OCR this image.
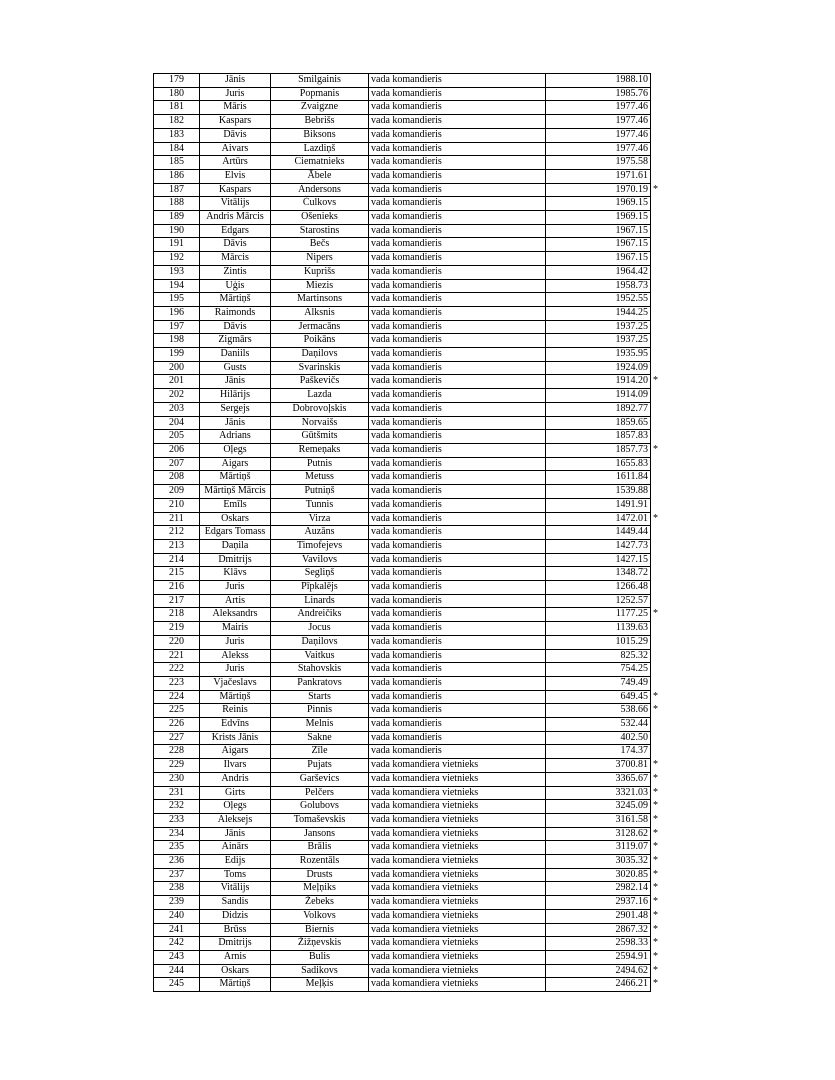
179	Jānis	Smilgainis	vada komandieris	1988.10

180	Juris	Popmanis	vada komandieris	1985.76

181	Māris	Zvaigzne	vada komandieris	1977.46

182	Kaspars	Bebrišs	vada komandieris	1977.46

183	Dāvis	Biksons	vada komandieris	1977.46

184	Aivars	Lazdiņš	vada komandieris	1977.46

185	Artūrs	Ciematnieks	vada komandieris	1975.58

186	Elvis	Ābele	vada komandieris	1971.61

187	Kaspars	Andersons	vada komandieris	1970.19 *

188	Vitālijs	Čulkovs	vada komandieris	1969.15

189	Andris Mārcis	Ošenieks	vada komandieris	1969.15

190	Edgars	Starostins	vada komandieris	1967.15

191	Dāvis	Bečs	vada komandieris	1967.15

192	Mārcis	Nipers	vada komandieris	1967.15

193	Zintis	Kuprišs	vada komandieris	1964.42

194	Uģis	Miezis	vada komandieris	1958.73

195	Mārtiņš	Martinsons	vada komandieris	1952.55

196	Raimonds	Alksnis	vada komandieris	1944.25

197	Dāvis	Jermacāns	vada komandieris	1937.25

198	Zigmārs	Poikāns	vada komandieris	1937.25

199	Daniils	Daņilovs	vada komandieris	1935.95

200	Gusts	Svarinskis	vada komandieris	1924.09

201	Jānis	Paškevičs	vada komandieris	1914.20 *

202	Hilārijs	Lazda	vada komandieris	1914.09

203	Sergejs	Dobrovoļskis	vada komandieris	1892.77

204	Jānis	Norvaišs	vada komandieris	1859.65

205	Adrians	Gūtšmits	vada komandieris	1857.83

206	Oļegs	Remeņaks	vada komandieris	1857.73 *

207	Aigars	Putnis	vada komandieris	1655.83

208	Mārtiņš	Metuss	vada komandieris	1611.84

209	Mārtiņš Mārcis	Putniņš	vada komandieris	1539.88

210	Emīls	Tunnis	vada komandieris	1491.91

211	Oskars	Virza	vada komandieris	1472.01 *

212	Edgars Tomass	Auzāns	vada komandieris	1449.44

213	Daņila	Timofejevs	vada komandieris	1427.73

214	Dmitrijs	Vavilovs	vada komandieris	1427.15

215	Klāvs	Segliņš	vada komandieris	1348.72

216	Juris	Pīpkalējs	vada komandieris	1266.48

217	Artis	Linards	vada komandieris	1252.57

218	Aleksandrs	Andreičiks	vada komandieris	1177.25 *

219	Mairis	Jocus	vada komandieris	1139.63

220	Juris	Daņilovs	vada komandieris	1015.29

221	Alekss	Vaitkus	vada komandieris	825.32

222	Juris	Stahovskis	vada komandieris	754.25

223	Vjačeslavs	Pankratovs	vada komandieris	749.49

224	Mārtiņš	Starts	vada komandieris	649.45 *

225	Reinis	Pinnis	vada komandieris	538.66 *

226	Edvīns	Melnis	vada komandieris	532.44

227	Krists Jānis	Sakne	vada komandieris	402.50

228	Aigars	Zīle	vada komandieris	174.37

229	Ilvars	Pujats	vada komandiera vietnieks	3700.81 *

230	Andris	Garševics	vada komandiera vietnieks	3365.67 *

231	Girts	Pelčers	vada komandiera vietnieks	3321.03 *

232	Oļegs	Golubovs	vada komandiera vietnieks	3245.09 *

233	Aleksejs	Tomaševskis	vada komandiera vietnieks	3161.58 *

234	Jānis	Jansons	vada komandiera vietnieks	3128.62 *

235	Ainārs	Brālis	vada komandiera vietnieks	3119.07 *

236	Edijs	Rozentāls	vada komandiera vietnieks	3035.32 *

237	Toms	Drusts	vada komandiera vietnieks	3020.85 *

238	Vitālijs	Meļņiks	vada komandiera vietnieks	2982.14 *

239	Sandis	Žebeks	vada komandiera vietnieks	2937.16 *

240	Didzis	Volkovs	vada komandiera vietnieks	2901.48 *

241	Brūss	Biernis	vada komandiera vietnieks	2867.32 *

242	Dmitrijs	Žižņevskis	vada komandiera vietnieks	2598.33 *

243	Arnis	Bulis	vada komandiera vietnieks	2594.91 *

244	Oskars	Sadikovs	vada komandiera vietnieks	2494.62 *

245	Mārtiņš	Meļķis	vada komandiera vietnieks	2466.21 *
